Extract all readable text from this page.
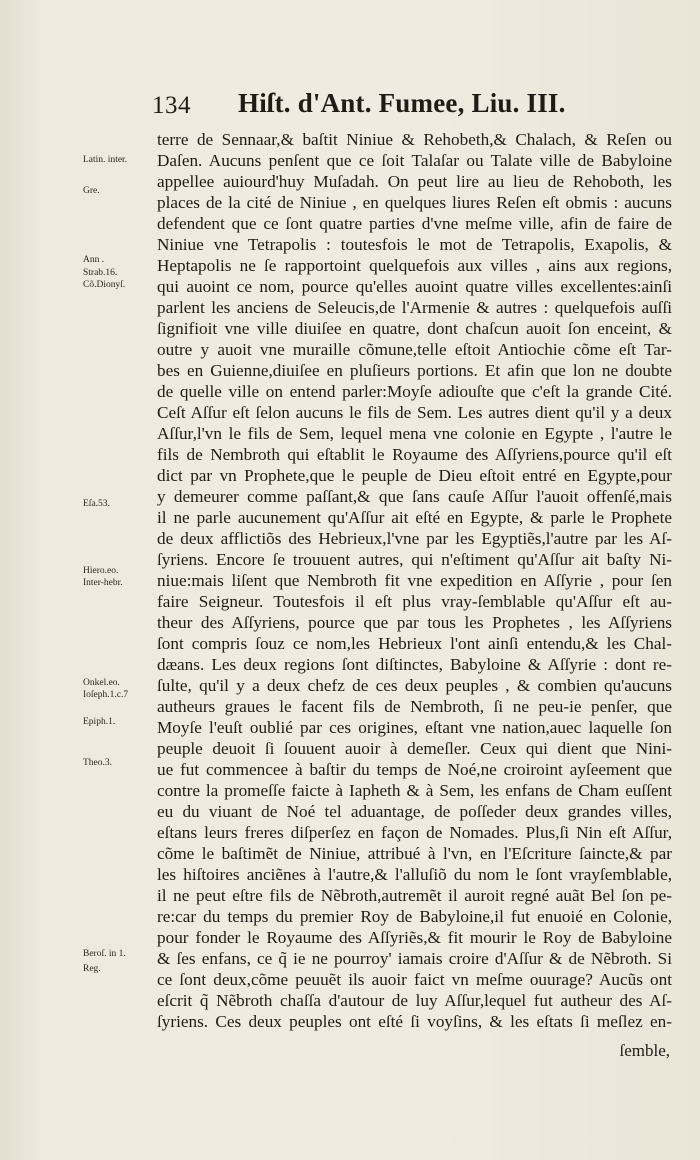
134 Hiſt. d'Ant. Fumee, Liu. III.
Latin. inter.
Gre.
Ann .
Strab.16.
Cõ.Dionyſ.
Eſa.53.
Hiero.eo.
Inter-hebr.
Onkel.eo.
Ioſeph.1.c.7
Epiph.1.
Theo.3.
Beroſ. in 1.
Reg.
terre de Sennaar,& baſtit Niniue & Rehobeth,& Chalach, & Reſen ou
Daſen. Aucuns penſent que ce ſoit Talaſar ou Talate ville de Babyloine
appellee auiourd'huy Muſadah. On peut lire au lieu de Rehoboth, les
places de la cité de Niniue , en quelques liures Reſen eſt obmis : aucuns
defendent que ce ſont quatre parties d'vne meſme ville, afin de faire de
Niniue vne Tetrapolis : toutesfois le mot de Tetrapolis, Exapolis, &
Heptapolis ne ſe rapportoint quelquefois aux villes , ains aux regions,
qui auoint ce nom, pource qu'elles auoint quatre villes excellentes:ainſi
parlent les anciens de Seleucis,de l'Armenie & autres : quelquefois auſſi
ſignifioit vne ville diuiſee en quatre, dont chaſcun auoit ſon enceint, &
outre y auoit vne muraille cõmune,telle eſtoit Antiochie cõme eſt Tar-
bes en Guienne,diuiſee en pluſieurs portions. Et afin que lon ne doubte
de quelle ville on entend parler:Moyſe adiouſte que c'eſt la grande Cité.
Ceſt Aſſur eſt ſelon aucuns le fils de Sem. Les autres dient qu'il y a deux
Aſſur,l'vn le fils de Sem, lequel mena vne colonie en Egypte , l'autre le
fils de Nembroth qui eſtablit le Royaume des Aſſyriens,pource qu'il eſt
dict par vn Prophete,que le peuple de Dieu eſtoit entré en Egypte,pour
y demeurer comme paſſant,& que ſans cauſe Aſſur l'auoit offenſé,mais
il ne parle aucunement qu'Aſſur ait eſté en Egypte, & parle le Prophete
de deux afflictiõs des Hebrieux,l'vne par les Egyptiẽs,l'autre par les Aſ-
ſyriens. Encore ſe trouuent autres, qui n'eſtiment qu'Aſſur ait baſty Ni-
niue:mais liſent que Nembroth fit vne expedition en Aſſyrie , pour ſen
faire Seigneur. Toutesfois il eſt plus vray-ſemblable qu'Aſſur eſt au-
theur des Aſſyriens, pource que par tous les Prophetes , les Aſſyriens
ſont compris ſouz ce nom,les Hebrieux l'ont ainſi entendu,& les Chal-
dæans. Les deux regions ſont diſtinctes, Babyloine & Aſſyrie : dont re-
ſulte, qu'il y a deux chefz de ces deux peuples , & combien qu'aucuns
autheurs graues le facent fils de Nembroth, ſi ne peu-ie penſer, que
Moyſe l'euſt oublié par ces origines, eſtant vne nation,auec laquelle ſon
peuple deuoit ſi ſouuent auoir à demeſler. Ceux qui dient que Nini-
ue fut commencee à baſtir du temps de Noé,ne croiroint ayſeement que
contre la promeſſe faicte à Iapheth & à Sem, les enfans de Cham euſſent
eu du viuant de Noé tel aduantage, de poſſeder deux grandes villes,
eſtans leurs freres diſperſez en façon de Nomades. Plus,ſi Nin eſt Aſſur,
cõme le baſtimẽt de Niniue, attribué à l'vn, en l'Eſcriture ſaincte,& par
les hiſtoires anciẽnes à l'autre,& l'alluſiõ du nom le ſont vrayſemblable,
il ne peut eſtre fils de Nẽbroth,autremẽt il auroit regné auãt Bel ſon pe-
re:car du temps du premier Roy de Babyloine,il fut enuoié en Colonie,
pour fonder le Royaume des Aſſyriẽs,& fit mourir le Roy de Babyloine
& ſes enfans, ce q̃ ie ne pourroy' iamais croire d'Aſſur & de Nẽbroth. Si
ce ſont deux,cõme peuuẽt ils auoir faict vn meſme ouurage? Aucũs ont
eſcrit q̃ Nẽbroth chaſſa d'autour de luy Aſſur,lequel fut autheur des Aſ-
ſyriens. Ces deux peuples ont eſté ſi voyſins, & les eſtats ſi meſlez en-
ſemble,
